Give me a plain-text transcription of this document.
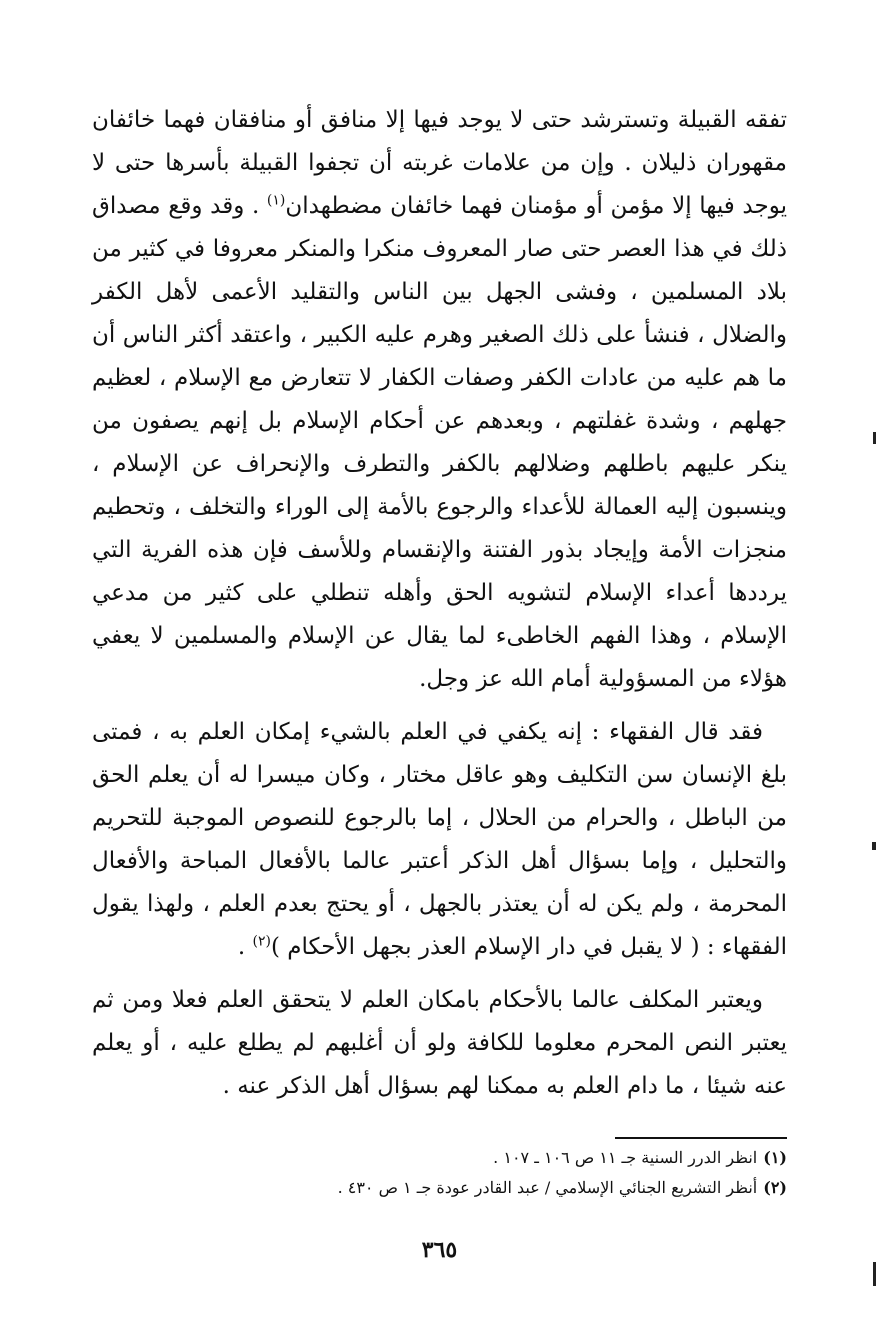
تفقه القبيلة وتسترشد حتى لا يوجد فيها إلا منافق أو منافقان فهما خائفان مقهوران ذليلان . وإن من علامات غربته أن تجفوا القبيلة بأسرها حتى لا يوجد فيها إلا مؤمن أو مؤمنان فهما خائفان مضطهدان$^{(١)}$ . وقد وقع مصداق ذلك في هذا العصر حتى صار المعروف منكرا والمنكر معروفا في كثير من بلاد المسلمين ، وفشى الجهل بين الناس والتقليد الأعمى لأهل الكفر والضلال ، فنشأ على ذلك الصغير وهرم عليه الكبير ، واعتقد أكثر الناس أن ما هم عليه من عادات الكفر وصفات الكفار لا تتعارض مع الإسلام ، لعظيم جهلهم ، وشدة غفلتهم ، وبعدهم عن أحكام الإسلام بل إنهم يصفون من ينكر عليهم باطلهم وضلالهم بالكفر والتطرف والإنحراف عن الإسلام ، وينسبون إليه العمالة للأعداء والرجوع بالأمة إلى الوراء والتخلف ، وتحطيم منجزات الأمة وإيجاد بذور الفتنة والإنقسام وللأسف فإن هذه الفرية التي يرددها أعداء الإسلام لتشويه الحق وأهله تنطلي على كثير من مدعي الإسلام ، وهذا الفهم الخاطىء لما يقال عن الإسلام والمسلمين لا يعفي هؤلاء من المسؤولية أمام الله عز وجل.

فقد قال الفقهاء : إنه يكفي في العلم بالشيء إمكان العلم به ، فمتى بلغ الإنسان سن التكليف وهو عاقل مختار ، وكان ميسرا له أن يعلم الحق من الباطل ، والحرام من الحلال ، إما بالرجوع للنصوص الموجبة للتحريم والتحليل ، وإما بسؤال أهل الذكر أعتبر عالما بالأفعال المباحة والأفعال المحرمة ، ولم يكن له أن يعتذر بالجهل ، أو يحتج بعدم العلم ، ولهذا يقول الفقهاء : ( لا يقبل في دار الإسلام العذر بجهل الأحكام )$^{(٢)}$ .

ويعتبر المكلف عالما بالأحكام بامكان العلم لا يتحقق العلم فعلا ومن ثم يعتبر النص المحرم معلوما للكافة ولو أن أغلبهم لم يطلع عليه ، أو يعلم عنه شيئا ، ما دام العلم به ممكنا لهم بسؤال أهل الذكر عنه .

(١)انظر الدرر السنية جـ ١١ ص ١٠٦ ـ ١٠٧ .

(٢)أنظر التشريع الجنائي الإسلامي / عبد القادر عودة جـ ١ ص ٤٣٠ .

٣٦٥
